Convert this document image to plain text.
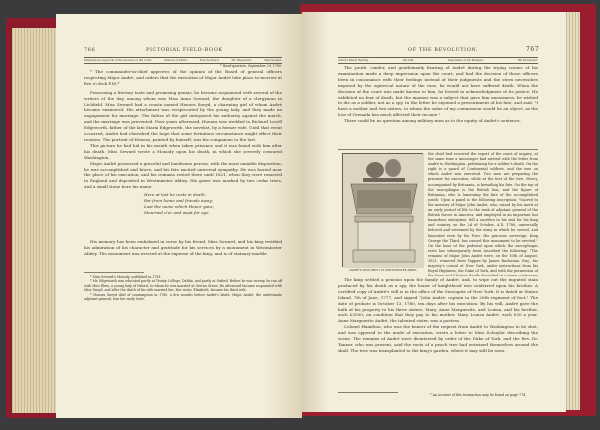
766	PICTORIAL FIELD-BOOK
Washington's Approval of the Decision of the Court.	Memoir of André.	Honora Sneyd.	Mr. Edgeworth.	Miss Seward.
* Head-quarters, September 29, 1780.

* The commander-in-chief approves of the opinion of the Board of general officers respecting Major André, and orders that the execution of Major André take place to-morrow at five o'clock P.M.*

Possessing a literary taste and promising genius, he became acquainted with several of the writers of the day, among whom was Miss Anna Seward, the daughter of a clergyman in Lichfield. Miss Seward had a cousin named Honora Sneyd, a charming girl of whom André became enamored. His attachment was reciprocated by the young lady, and they made an engagement for marriage. The father of the girl interposed his authority against the match, and the marriage was prevented. Four years afterward, Honora was wedded to Richard Lovell Edgeworth, father of the late Maria Edgeworth, the novelist, by a former wife. Until that event occurred, André had cherished the hope that some fortuitous circumstance might effect their reunion. The portrait of Honora, painted by himself, was his companion to the last.

This picture he had hid in his mouth when taken prisoner, and it was found with him after his death. Miss Seward wrote a Monody upon his death, in which she severely censured Washington.

Major André possessed a graceful and handsome person, with the most amiable disposition; he was accomplished and brave, and his fate excited universal sympathy. He was buried near the place of his execution, and his remains rested there until 1821, when they were removed to England and deposited in Westminster Abbey. His grave was marked by two cedar trees, and a small stone bore his name:

Here at last he rests in death,
Far from home and friends away;
Lost the name which Honor gave,
Mourned o'er and wept for aye.

His memory has been embalmed in verse by his friend, Miss Seward, and his king testified his admiration of his character and gratitude for his services by a monument in Westminster Abbey. The monument was erected at the expense of the king, and is of statuary marble.

* Miss Seward's Monody, published in 1781.

* Mr. Edgeworth was educated partly at Trinity College, Dublin, and partly at Oxford. Before he was twenty, he ran off with Miss Elers, a young lady of Oxford, to whom he was married at Gretna Green. He afterward became acquainted with Miss Sneyd, and after the death of his wife married her. Her sister, Elizabeth, became his third wife.

* Honora Sneyd died of consumption in 1780, a few months before André's death. Major André, the unfortunate adjutant-general, was her early lover.

OF THE REVOLUTION.	767
André's Manly Bearing.	His Will.	Disposition of his Remains.	His Monument.

The youth, candor, and gentlemanly bearing of André during the trying scenes of his examination made a deep impression upon the court; and had the decision of those officers been in consonance with their feelings instead of their judgments and the stern necessities imposed by the equivocal nature of the case, he would not have suffered death. When the decision of the court was made known to him, he bowed in acknowledgment of its justice. He exhibited no fear of death, but the manner was a subject that gave him uneasiness; he wished to die as a soldier, not as a spy. In the letter he enjoined a presentiment of his fate, and said, "I have a mother and two sisters, to whom the value of my commission would be an object, as the loss of Grenada has much affected their income."

There could be no question among military men as to the equity of André's sentence,

ANDRÉ'S MONUMENT IN WESTMINSTER ABBEY.
the chief had received the report of the court of inquiry; at the same time a messenger had arrived with the letter from André to Washington, petitioning for a soldier's death. On the right is a guard of Continental soldiers, and the tree on which André was executed. Two men are preparing the prisoner for execution, while at the foot of the tree, Mercy, accompanied by Britannia, is bewailing his fate. On the top of the sarcophagus is the British lion, and the figure of Britannia, who is lamenting the fate of the accomplished youth. Upon a panel is the following inscription: "Sacred to the memory of Major John André, who, raised by his merit at an early period of life to the rank of adjutant general of the British forces in America, and employed in an important but hazardous enterprise, fell a sacrifice to his zeal for his king and country, on the 2d of October, A.D. 1780, universally beloved and esteemed by the army in which he served, and lamented even by his Foes. His gracious sovereign, King George the Third, has caused this monument to be erected." On the base of the pedestal upon which the sarcophagus rests has subsequently been inscribed the following: "The remains of Major John André were, on the 10th of August, 1821, removed from Tappan by James Buchanan, Esq., his majesty's consul at New York, under instructions from his Royal Highness, the Duke of York, and with the permission of

The king settled a pension upon the family of André, and, to wipe out the imputed stain produced by his death as a spy, the honor of knighthood was conferred upon his brother. A certified copy of André's will is in the office of the Surrogate of New York. It is dated at Staten Island, 7th of June, 1777, and signed "John André, captain in the 26th regiment of foot." The date of probate is October 13, 1780, ten days after his execution. By his will, André gave the bulk of his property to his three sisters, Mary, Anne Marguerite, and Louisa, and his brother, each £3500, on condition that they pay to his mother, Mary Louisa André, each £50 a year. Anne Marguerite André, the talented sister, was a poetess.

Colonel Hamilton, who was the bearer of the request from André to Washington to be shot, and was opposed to the mode of execution, wrote a letter to Miss Schuyler describing the scene. The remains of André were disinterred by order of the Duke of York, and the Rev. Dr. Tanner, who was present, said the roots of a peach tree had entwined themselves around the skull. The tree was transplanted to the king's garden, where it may still be seen.

* An account of this transaction may be found on page 774.
